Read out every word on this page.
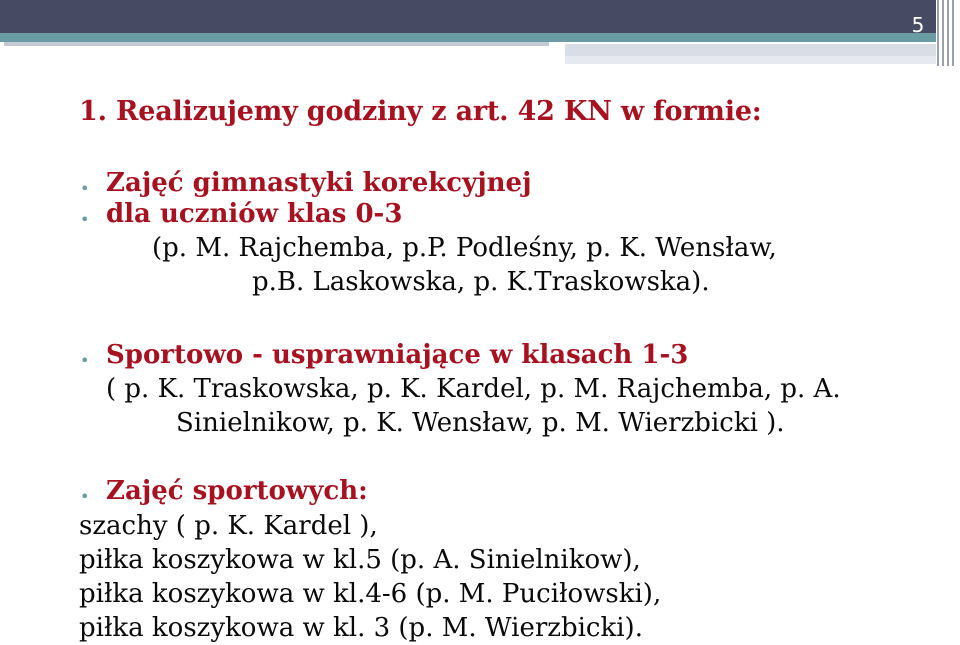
5
1. Realizujemy godziny z art. 42 KN w formie:
•
Zajęć gimnastyki korekcyjnej
•
dla uczniów klas 0-3
(p. M. Rajchemba, p.P. Podleśny, p. K. Wensław,
p.B. Laskowska, p. K.Traskowska).
•
Sportowo - usprawniające w klasach 1-3
( p. K. Traskowska, p. K. Kardel, p. M. Rajchemba, p. A.
Sinielnikow, p. K. Wensław, p. M. Wierzbicki ).
•
Zajęć sportowych:
szachy ( p. K. Kardel ),
piłka koszykowa w kl.5 (p. A. Sinielnikow),
piłka koszykowa w kl.4-6 (p. M. Puciłowski),
piłka koszykowa w kl. 3 (p. M. Wierzbicki).
